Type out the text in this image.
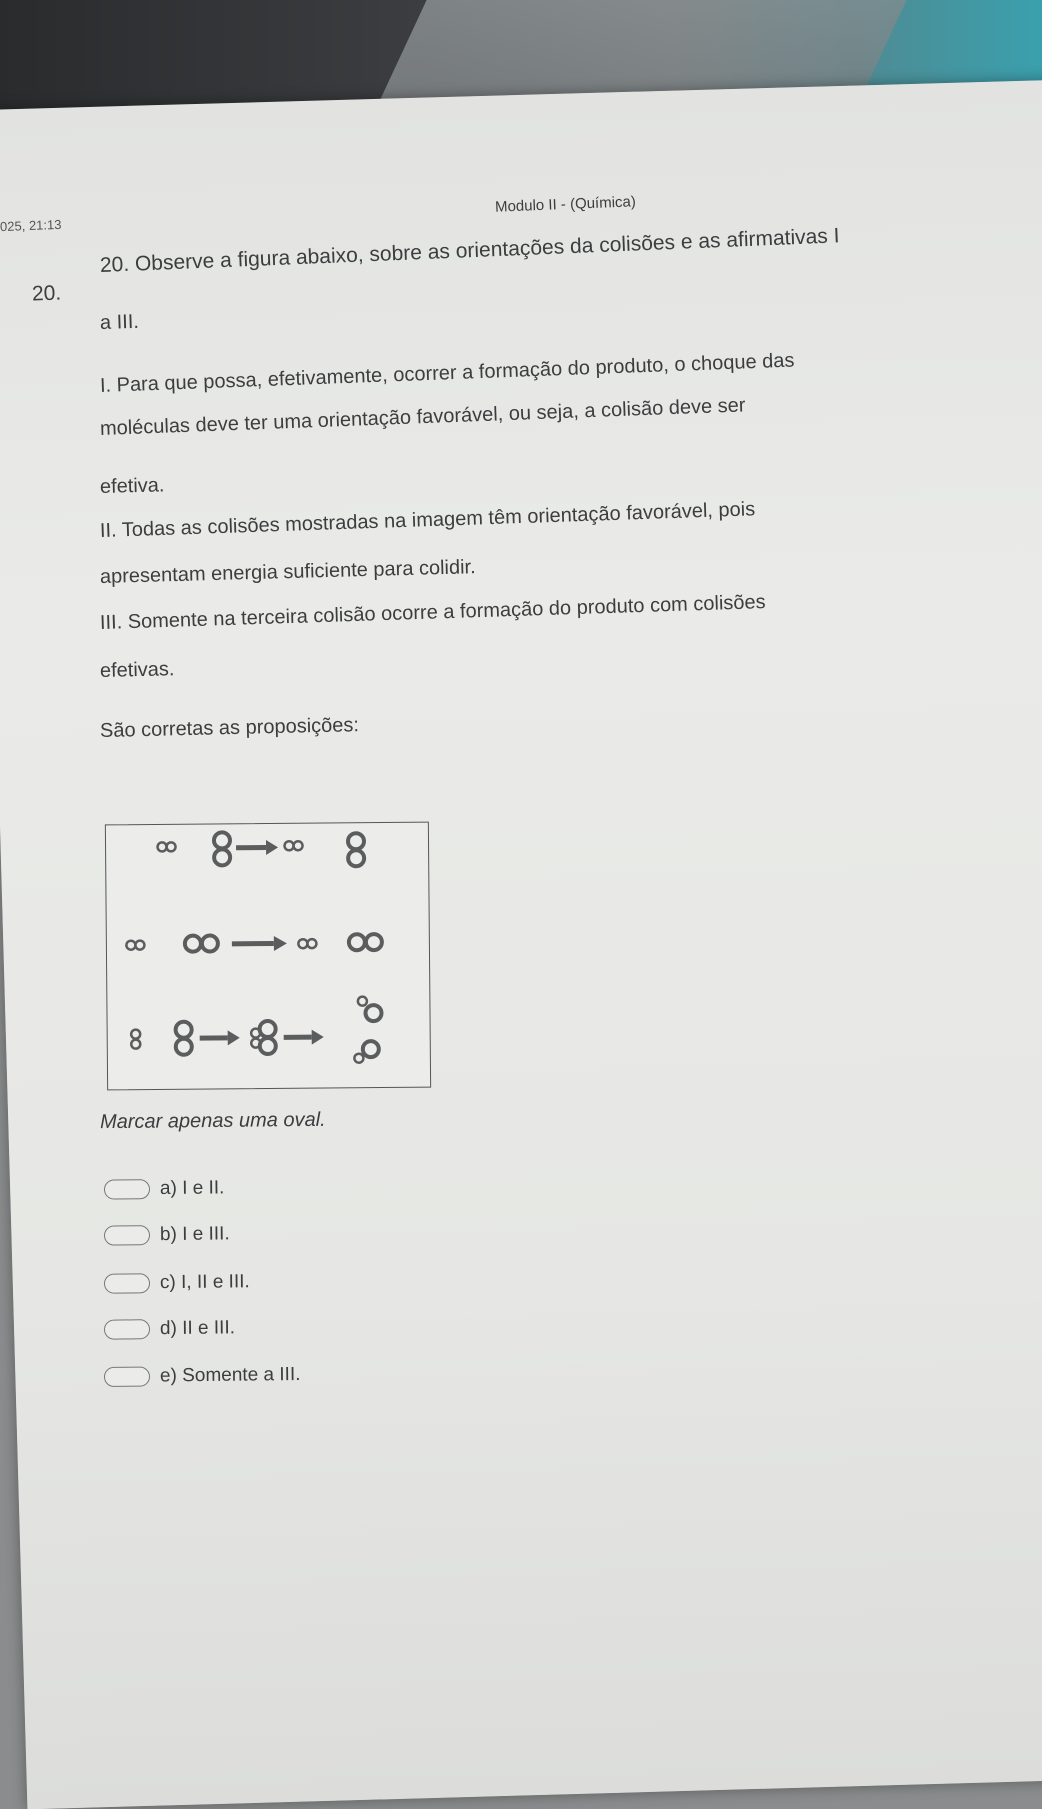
Modulo II - (Química)
025, 21:13
20.
20. Observe a figura abaixo, sobre as orientações da colisões e as afirmativas I
a III.
I. Para que possa, efetivamente, ocorrer a formação do produto, o choque das
moléculas deve ter uma orientação favorável, ou seja, a colisão deve ser
efetiva.
II. Todas as colisões mostradas na imagem têm orientação favorável, pois
apresentam energia suficiente para colidir.
III. Somente na terceira colisão ocorre a formação do produto com colisões
efetivas.
São corretas as proposições:
Marcar apenas uma oval.
a) I e II.
b) I e III.
c) I, II e III.
d) II e III.
e) Somente a III.
